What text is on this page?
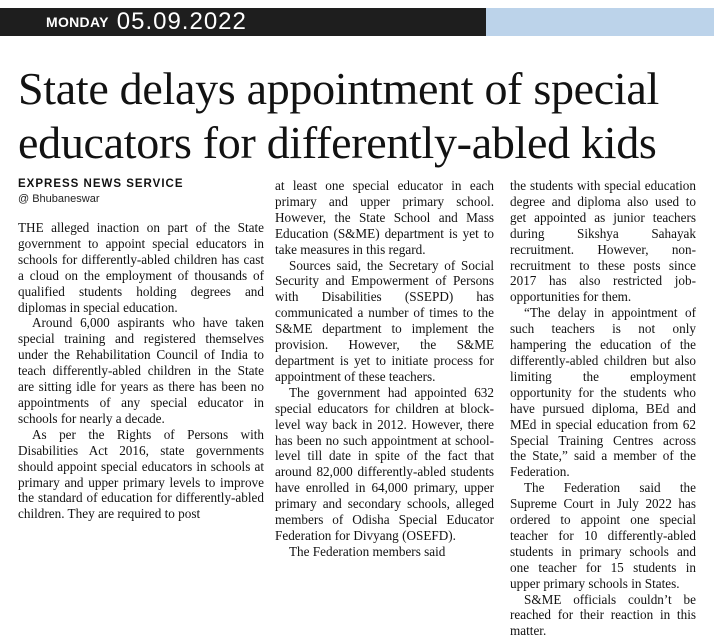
MONDAY 05.09.2022
State delays appointment of special
educators for differently-abled kids
EXPRESS NEWS SERVICE
@ Bhubaneswar

THE alleged inaction on part of the State government to appoint special educators in schools for differently-abled children has cast a cloud on the employment of thousands of qualified students holding degrees and diplomas in special education.

Around 6,000 aspirants who have taken special training and registered themselves under the Rehabilitation Council of India to teach differently-abled children in the State are sitting idle for years as there has been no appointments of any special educator in schools for nearly a decade.

As per the Rights of Persons with Disabilities Act 2016, state governments should appoint special educators in schools at primary and upper primary levels to improve the standard of education for differently-abled children. They are required to post

at least one special educator in each primary and upper primary school. However, the State School and Mass Education (S&ME) department is yet to take measures in this regard.

Sources said, the Secretary of Social Security and Empowerment of Persons with Disabilities (SSEPD) has communicated a number of times to the S&ME department to implement the provision. However, the S&ME department is yet to initiate process for appointment of these teachers.

The government had appointed 632 special educators for children at block-level way back in 2012. However, there has been no such appointment at school-level till date in spite of the fact that around 82,000 differently-abled students have enrolled in 64,000 primary, upper primary and secondary schools, alleged members of Odisha Special Educator Federation for Divyang (OSEFD).

The Federation members said

the students with special education degree and diploma also used to get appointed as junior teachers during Sikshya Sahayak recruitment. However, non-recruitment to these posts since 2017 has also restricted job-opportunities for them.

“The delay in appointment of such teachers is not only hampering the education of the differently-abled children but also limiting the employment opportunity for the students who have pursued diploma, BEd and MEd in special education from 62 Special Training Centres across the State,” said a member of the Federation.

The Federation said the Supreme Court in July 2022 has ordered to appoint one special teacher for 10 differently-abled students in primary schools and one teacher for 15 students in upper primary schools in States.

S&ME officials couldn’t be reached for their reaction in this matter.
